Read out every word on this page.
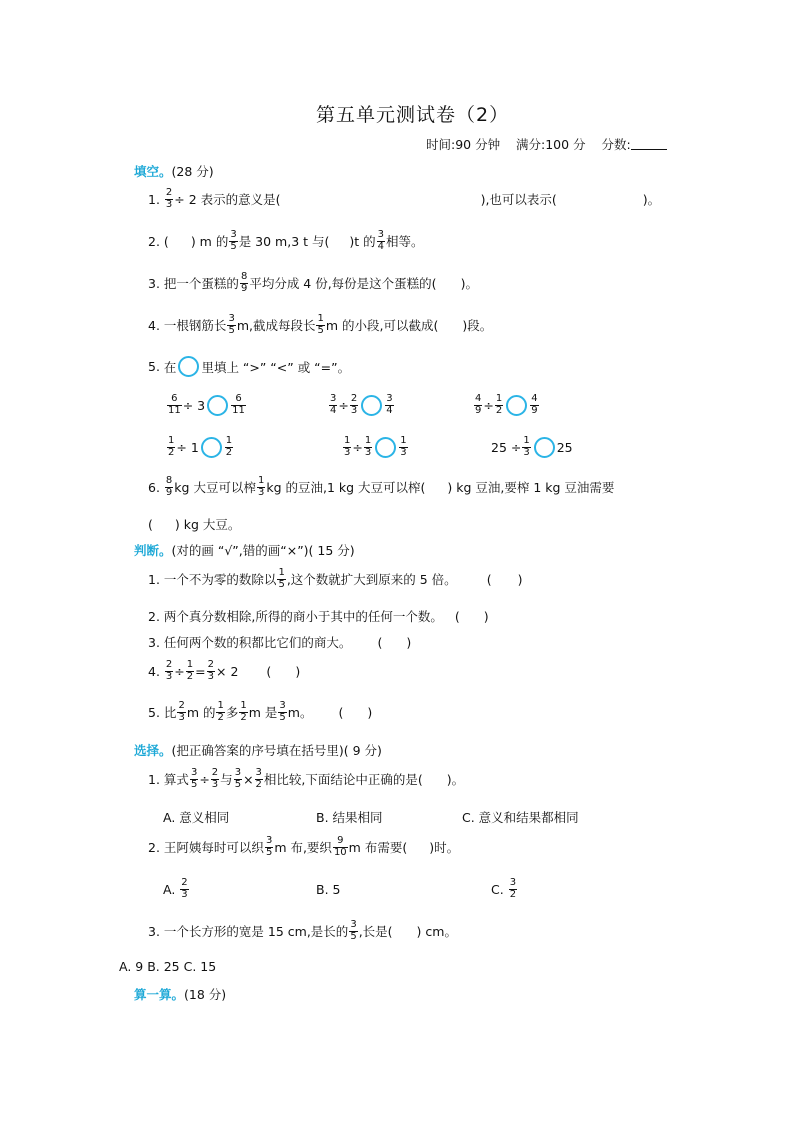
第五单元测试卷（2）
时间:90 分钟 满分:100 分 分数:
填空。(28 分)
1.
$\frac{2}{3} \div 2$ 表示的意义是(	),也可以表示(	)。
2.
( ) m 的 $\frac{3}{5}$ 是 30 m,3 t 与( )t 的 $\frac{3}{4}$ 相等。
3.
把一个蛋糕的 $\frac{8}{9}$ 平均分成 4 份,每份是这个蛋糕的( )。
4.
一根钢筋长 $\frac{3}{5} m$,截成每段长 $\frac{1}{5}$ m 的小段,可以截成( )段。
5.
在 里填上 “>” “<” 或 “=”。
$\frac{6}{11} \div 3$	$\frac{6}{11}$	$\frac{3}{4} \div \frac{2}{3}$	$\frac{3}{4}$	$\frac{4}{9} \div \frac{1}{2}$	$\frac{4}{9}$
$\frac{1}{2} \div 1$	$\frac{1}{2}$	$\frac{1}{3} \div \frac{1}{3}$	$\frac{1}{3}$	$25 \div \frac{1}{3} 25$
6.
$\frac{8}{9}$ kg 大豆可以榨 $\frac{1}{3}$ kg 的豆油,1 kg 大豆可以榨( ) kg 豆油,要榨 1 kg 豆油需要
( ) kg 大豆。
判断。(对的画 “√”,错的画“×”)( 15 分)
1.
一个不为零的数除以 $\frac{1}{5}$ ,这个数就扩大到原来的 5 倍。 ( )
2.
两个真分数相除,所得的商小于其中的任何一个数。 ( )
3.
任何两个数的积都比它们的商大。 ( )
4.
$\frac{2}{3} \div \frac{1}{2} = \frac{2}{3} \times 2$ ( )
5.
比 $\frac{2}{3}$ m 的 $\frac{1}{2}$ 多 $\frac{1}{2}$ m 是 $\frac{3}{5}$ m。 ( )
选择。(把正确答案的序号填在括号里)( 9 分)
1.
算式 $\frac{3}{5} \div \frac{2}{3}$ 与 $\frac{3}{5} \times \frac{3}{2}$ 相比较,下面结论中正确的是( )。
A. 意义相同	B. 结果相同	C. 意义和结果都相同
2.
王阿姨每时可以织 $\frac{3}{5}$ m 布,要织 $\frac{9}{10}$ m 布需要( )时。
A.
$\frac{2}{3}$	B. 5	C.
$\frac{3}{2}$
3.
一个长方形的宽是 15 cm,是长的 $\frac{3}{5}$ ,长是( ) cm。
A. 9 B. 25 C. 15
算一算。(18 分)
